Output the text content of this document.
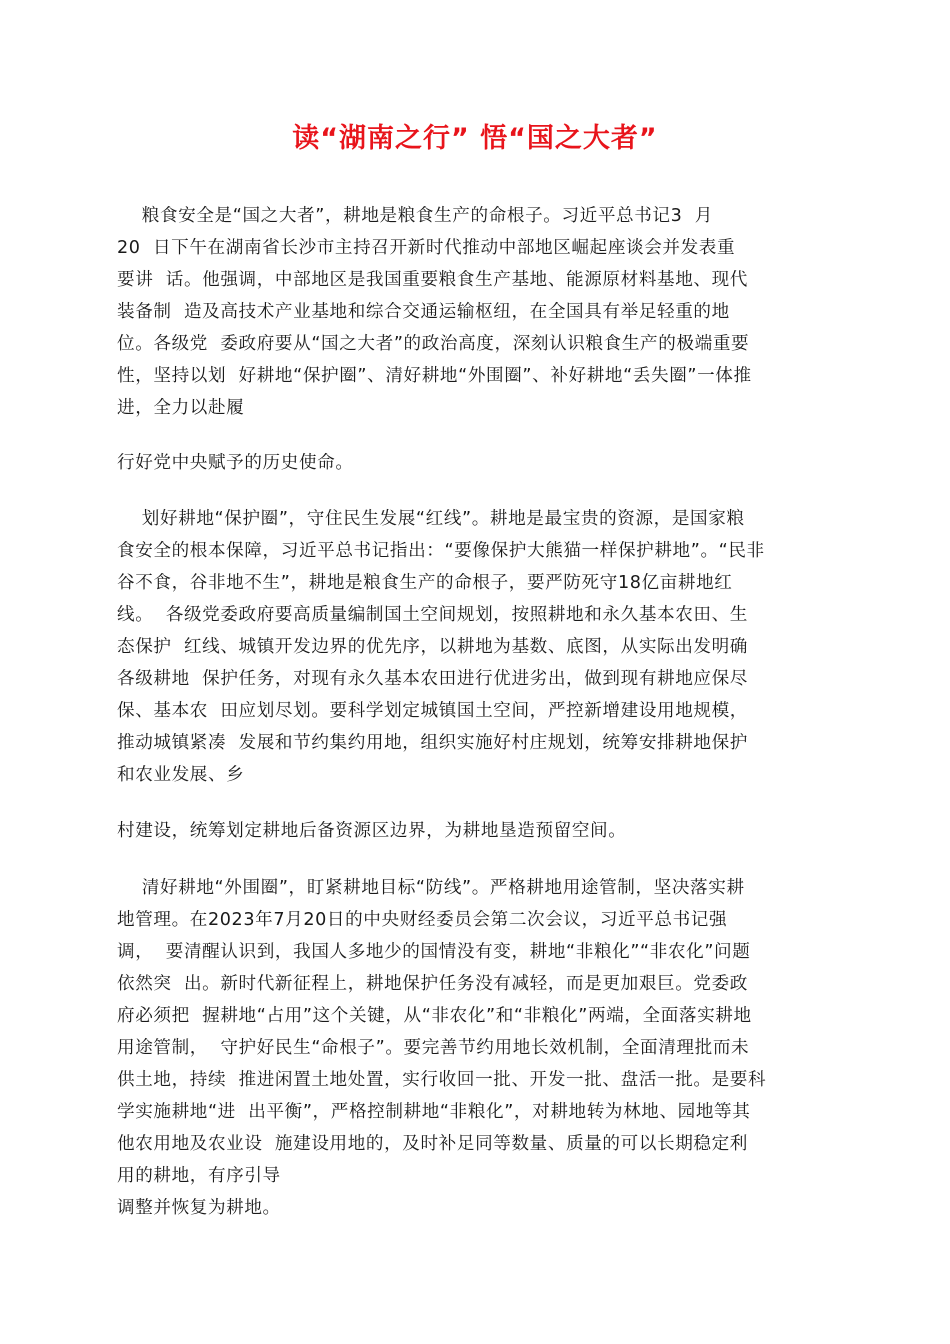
读“湖南之行” 悟“国之大者”
粮食安全是“国之大者”，耕地是粮食生产的命根子。习近平总书记3  月
20  日下午在湖南省长沙市主持召开新时代推动中部地区崛起座谈会并发表重
要讲  话。他强调，中部地区是我国重要粮食生产基地、能源原材料基地、现代
装备制  造及高技术产业基地和综合交通运输枢纽，在全国具有举足轻重的地
位。各级党  委政府要从“国之大者”的政治高度，深刻认识粮食生产的极端重要
性，坚持以划  好耕地“保护圈”、清好耕地“外围圈”、补好耕地“丢失圈”一体推
进，全力以赴履
行好党中央赋予的历史使命。
划好耕地“保护圈”，守住民生发展“红线”。耕地是最宝贵的资源，是国家粮
食安全的根本保障，习近平总书记指出：“要像保护大熊猫一样保护耕地”。“民非
谷不食，谷非地不生”，耕地是粮食生产的命根子，要严防死守18亿亩耕地红
线。  各级党委政府要高质量编制国土空间规划，按照耕地和永久基本农田、生
态保护  红线、城镇开发边界的优先序，以耕地为基数、底图，从实际出发明确
各级耕地  保护任务，对现有永久基本农田进行优进劣出，做到现有耕地应保尽
保、基本农  田应划尽划。要科学划定城镇国土空间，严控新增建设用地规模，
推动城镇紧凑  发展和节约集约用地，组织实施好村庄规划，统筹安排耕地保护
和农业发展、乡
村建设，统筹划定耕地后备资源区边界，为耕地垦造预留空间。
清好耕地“外围圈”，盯紧耕地目标“防线”。严格耕地用途管制，坚决落实耕
地管理。在2023年7月20日的中央财经委员会第二次会议，习近平总书记强
调，  要清醒认识到，我国人多地少的国情没有变，耕地“非粮化”“非农化”问题
依然突  出。新时代新征程上，耕地保护任务没有减轻，而是更加艰巨。党委政
府必须把  握耕地“占用”这个关键，从“非农化”和“非粮化”两端，全面落实耕地
用途管制，  守护好民生“命根子”。要完善节约用地长效机制，全面清理批而未
供土地，持续  推进闲置土地处置，实行收回一批、开发一批、盘活一批。是要科
学实施耕地“进  出平衡”，严格控制耕地“非粮化”，对耕地转为林地、园地等其
他农用地及农业设  施建设用地的，及时补足同等数量、质量的可以长期稳定利
用的耕地，有序引导
调整并恢复为耕地。
